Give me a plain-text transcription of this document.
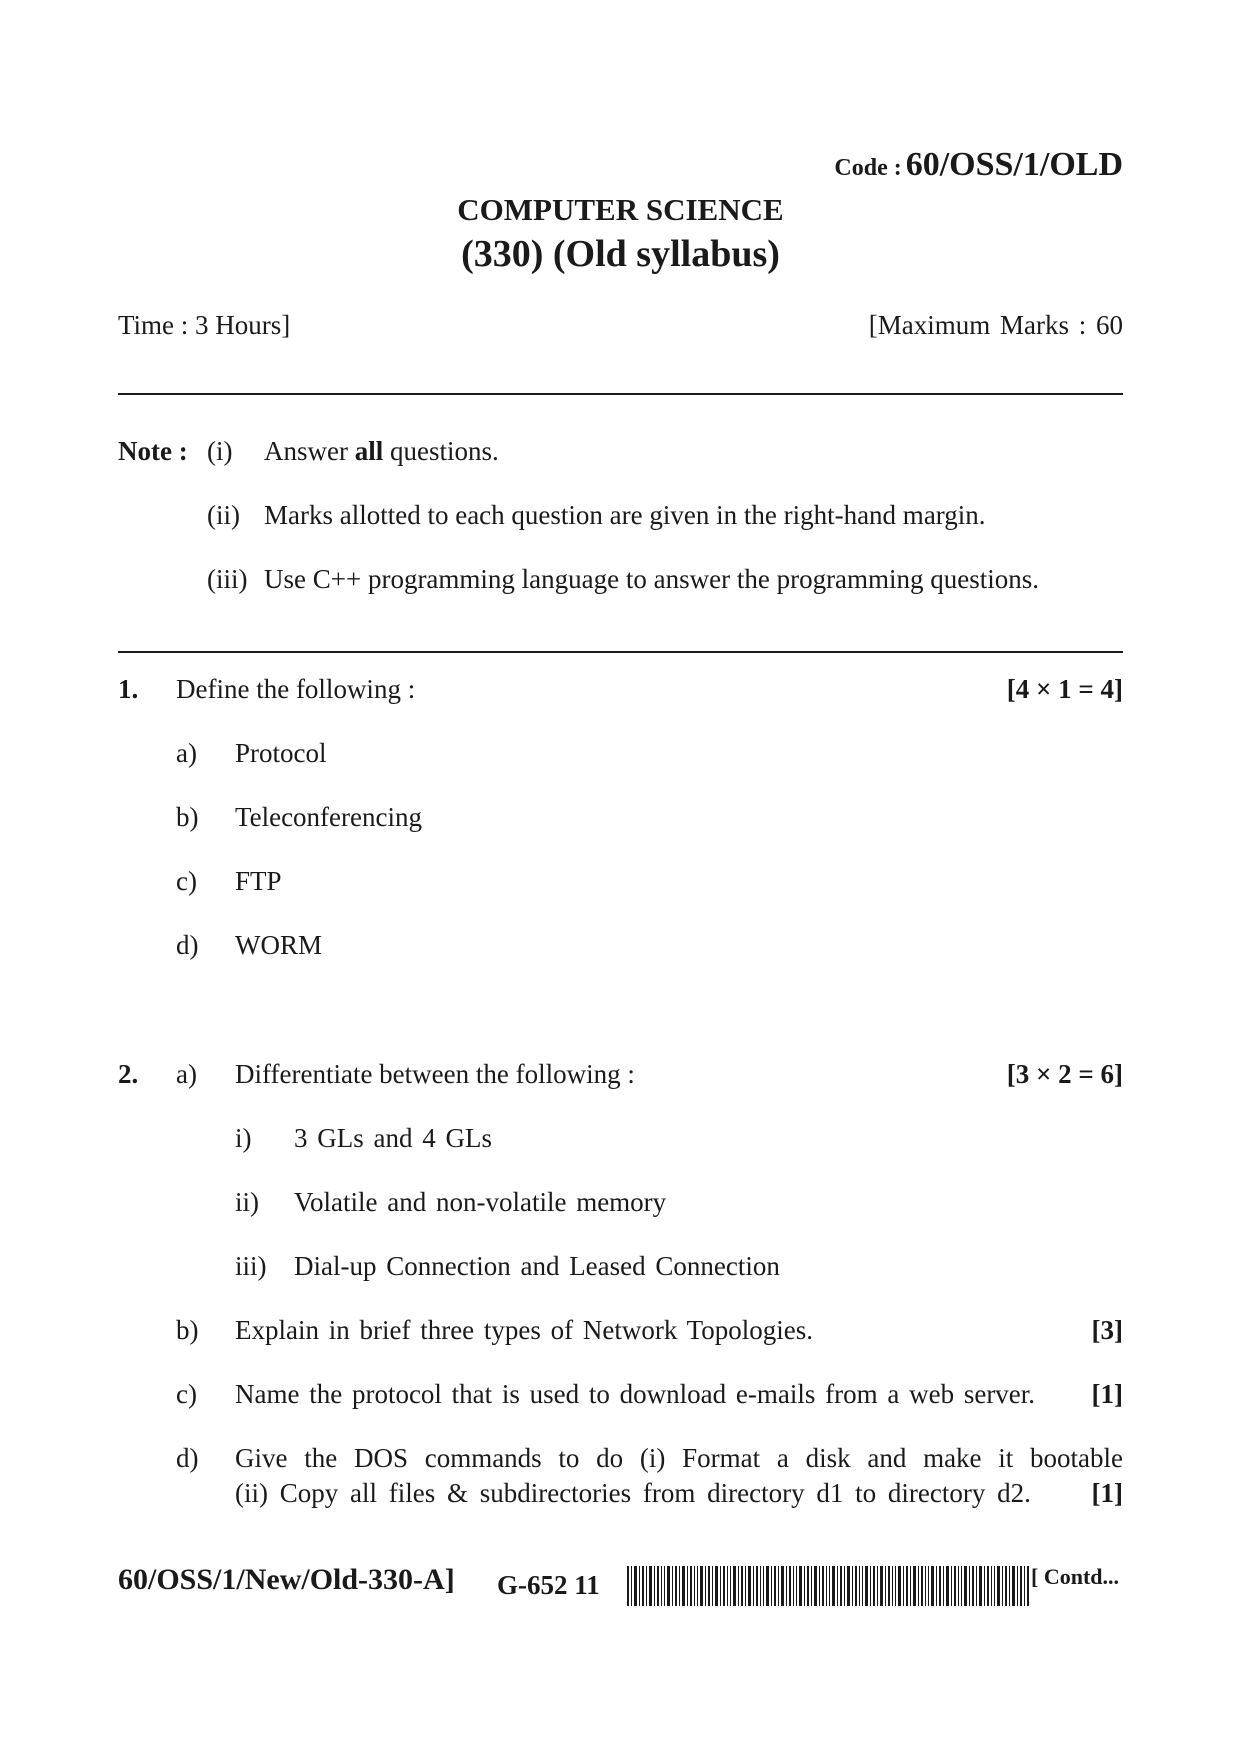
Code : 60/OSS/1/OLD
COMPUTER SCIENCE
(330) (Old syllabus)
Time : 3 Hours]	[Maximum Marks : 60
Note : (i) Answer all questions.
(ii) Marks allotted to each question are given in the right-hand margin.
(iii) Use C++ programming language to answer the programming questions.
1. Define the following :	[4 × 1 = 4]
a) Protocol
b) Teleconferencing
c) FTP
d) WORM
2. a) Differentiate between the following :	[3 × 2 = 6]
i) 3 GLs and 4 GLs
ii) Volatile and non-volatile memory
iii) Dial-up Connection and Leased Connection
b) Explain in brief three types of Network Topologies.	[3]
c) Name the protocol that is used to download e-mails from a web server. [1]
d) Give the DOS commands to do (i) Format a disk and make it bootable
(ii) Copy all files & subdirectories from directory d1 to directory d2. [1]
60/OSS/1/New/Old-330-A] G-652 11	[ Contd...
